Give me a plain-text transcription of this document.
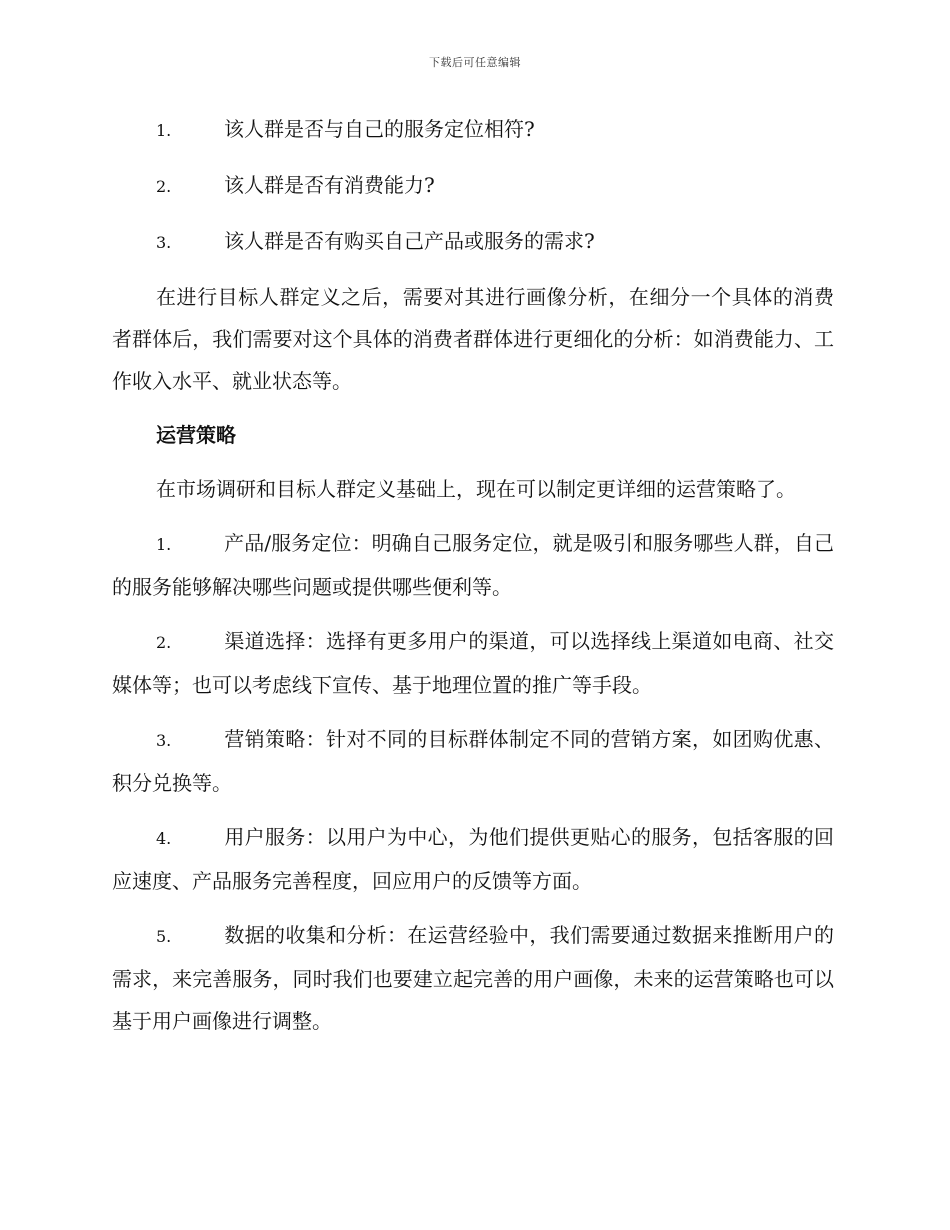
下载后可任意编辑

1.	该人群是否与自己的服务定位相符?

2.	该人群是否有消费能力?

3.	该人群是否有购买自己产品或服务的需求?

在进行目标人群定义之后，需要对其进行画像分析，在细分一个具体的消费者群体后，我们需要对这个具体的消费者群体进行更细化的分析：如消费能力、工作收入水平、就业状态等。

运营策略

在市场调研和目标人群定义基础上，现在可以制定更详细的运营策略了。

1.	产品/服务定位：明确自己服务定位，就是吸引和服务哪些人群，自己的服务能够解决哪些问题或提供哪些便利等。

2.	渠道选择：选择有更多用户的渠道，可以选择线上渠道如电商、社交媒体等；也可以考虑线下宣传、基于地理位置的推广等手段。

3.	营销策略：针对不同的目标群体制定不同的营销方案，如团购优惠、积分兑换等。

4.	用户服务：以用户为中心，为他们提供更贴心的服务，包括客服的回应速度、产品服务完善程度，回应用户的反馈等方面。

5.	数据的收集和分析：在运营经验中，我们需要通过数据来推断用户的需求，来完善服务，同时我们也要建立起完善的用户画像，未来的运营策略也可以基于用户画像进行调整。
